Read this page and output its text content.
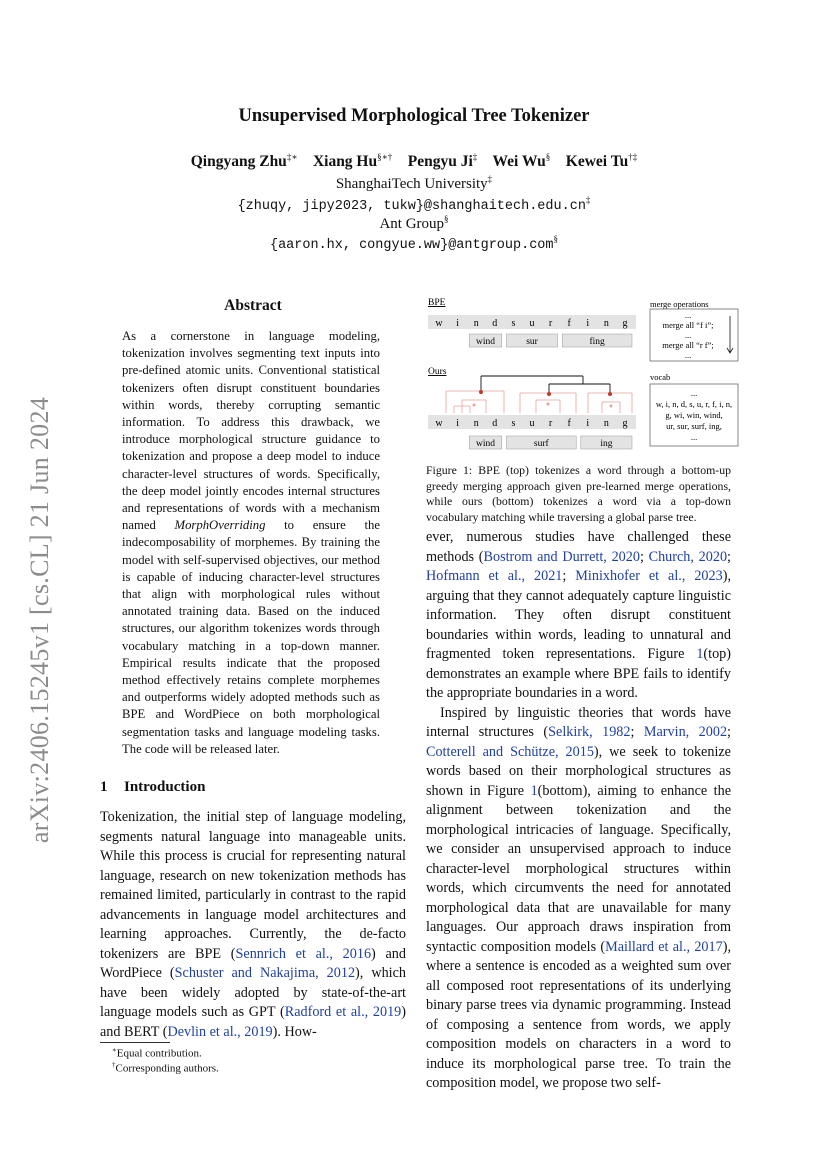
arXiv:2406.15245v1 [cs.CL] 21 Jun 2024
Unsupervised Morphological Tree Tokenizer
Qingyang Zhu‡∗ Xiang Hu§∗† Pengyu Ji‡ Wei Wu§ Kewei Tu†‡
ShanghaiTech University‡
{zhuqy, jipy2023, tukw}@shanghaitech.edu.cn‡
Ant Group§
{aaron.hx, congyue.ww}@antgroup.com§
Abstract
As a cornerstone in language modeling, tokenization involves segmenting text inputs into pre-defined atomic units. Conventional statistical tokenizers often disrupt constituent boundaries within words, thereby corrupting semantic information. To address this drawback, we introduce morphological structure guidance to tokenization and propose a deep model to induce character-level structures of words. Specifically, the deep model jointly encodes internal structures and representations of words with a mechanism named MorphOverriding to ensure the indecomposability of morphemes. By training the model with self-supervised objectives, our method is capable of inducing character-level structures that align with morphological rules without annotated training data. Based on the induced structures, our algorithm tokenizes words through vocabulary matching in a top-down manner. Empirical results indicate that the proposed method effectively retains complete morphemes and outperforms widely adopted methods such as BPE and WordPiece on both morphological segmentation tasks and language modeling tasks. The code will be released later.
1 Introduction
Tokenization, the initial step of language modeling, segments natural language into manageable units. While this process is crucial for representing natural language, research on new tokenization methods has remained limited, particularly in contrast to the rapid advancements in language model architectures and learning approaches. Currently, the de-facto tokenizers are BPE (Sennrich et al., 2016) and WordPiece (Schuster and Nakajima, 2012), which have been widely adopted by state-of-the-art language models such as GPT (Radford et al., 2019) and BERT (Devlin et al., 2019). How-
∗Equal contribution.
†Corresponding authors.
BPE
w i n d s u r f i n g
wind	sur	fing
Ours
w i n d s u r f i n g
wind	surf	ing
merge operations
...
merge all “f i”;
...
merge all “r f”;
...
vocab
...
w, i, n, d, s, u, r, f, i, n,
g, wi, win, wind,
ur, sur, surf, ing,
...
Figure 1: BPE (top) tokenizes a word through a bottom-up greedy merging approach given pre-learned merge operations, while ours (bottom) tokenizes a word via a top-down vocabulary matching while traversing a global parse tree.

ever, numerous studies have challenged these methods (Bostrom and Durrett, 2020; Church, 2020; Hofmann et al., 2021; Minixhofer et al., 2023), arguing that they cannot adequately capture linguistic information. They often disrupt constituent boundaries within words, leading to unnatural and fragmented token representations. Figure 1(top) demonstrates an example where BPE fails to identify the appropriate boundaries in a word.

Inspired by linguistic theories that words have internal structures (Selkirk, 1982; Marvin, 2002; Cotterell and Schütze, 2015), we seek to tokenize words based on their morphological structures as shown in Figure 1(bottom), aiming to enhance the alignment between tokenization and the morphological intricacies of language. Specifically, we consider an unsupervised approach to induce character-level morphological structures within words, which circumvents the need for annotated morphological data that are unavailable for many languages. Our approach draws inspiration from syntactic composition models (Maillard et al., 2017), where a sentence is encoded as a weighted sum over all composed root representations of its underlying binary parse trees via dynamic programming. Instead of composing a sentence from words, we apply composition models on characters in a word to induce its morphological parse tree. To train the composition model, we propose two self-
